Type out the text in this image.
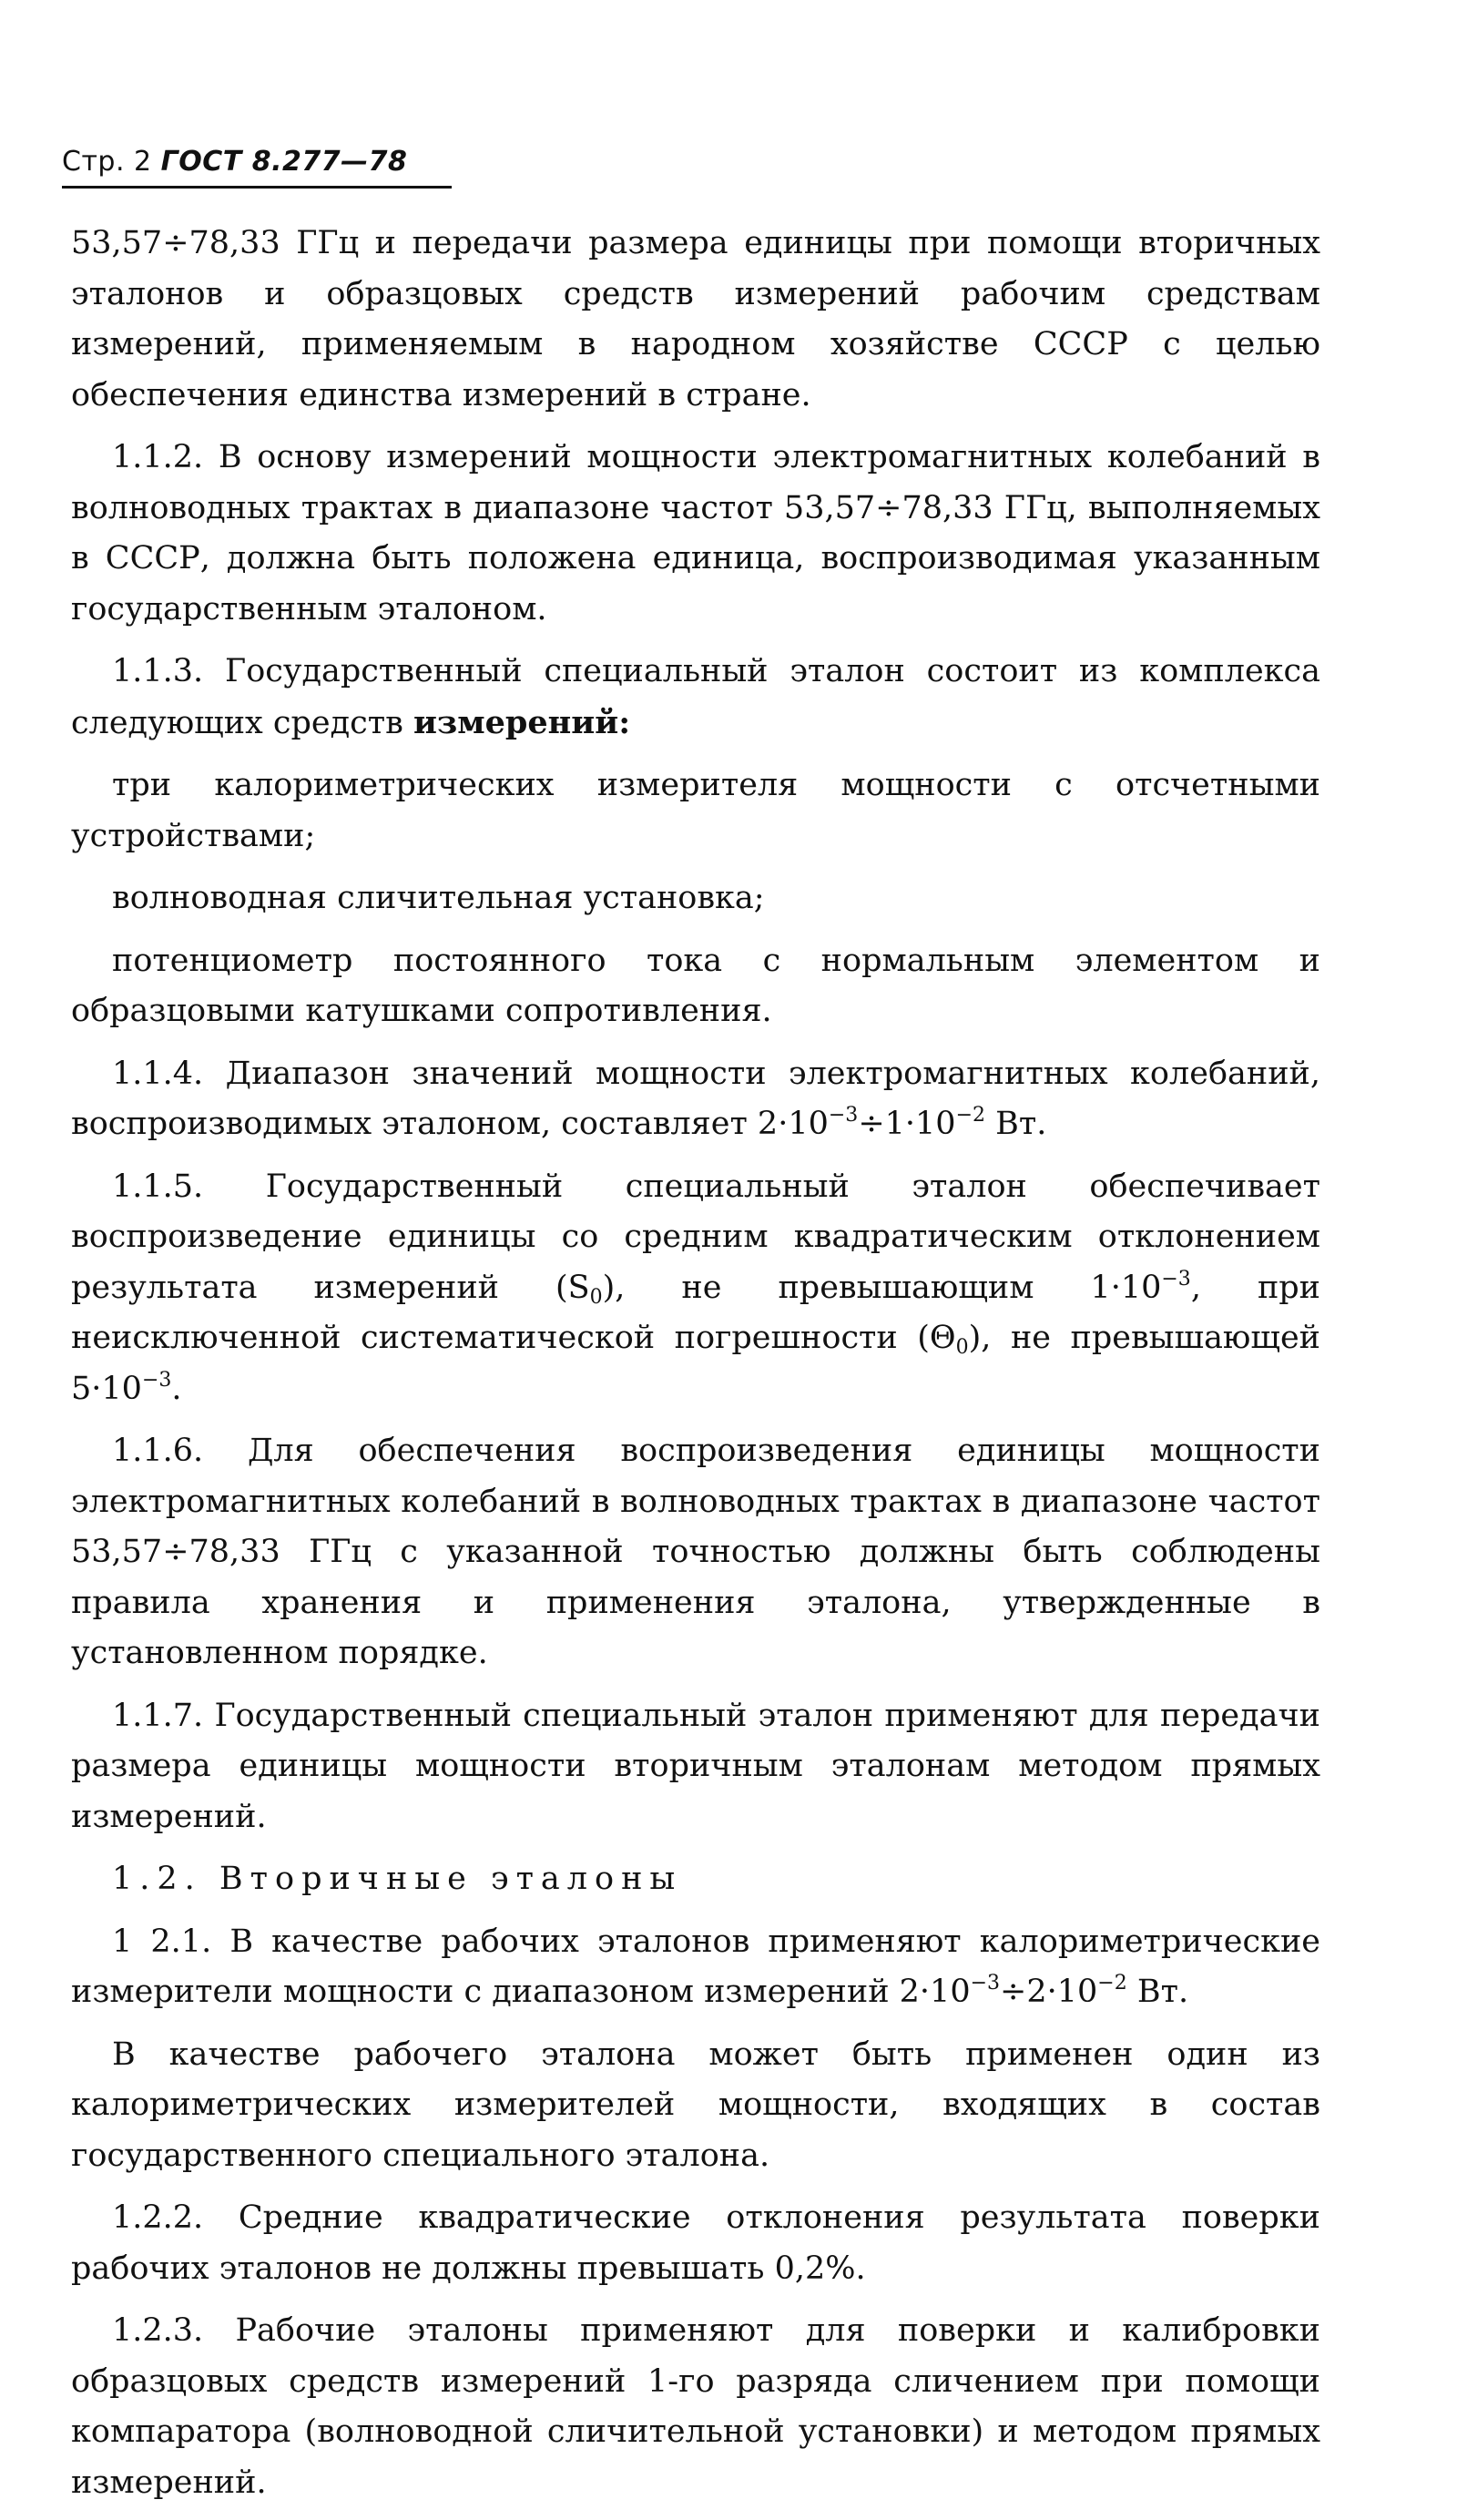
Стр. 2 ГОСТ 8.277—78

53,57÷78,33 ГГц и передачи размера единицы при помощи вторичных эталонов и образцовых средств измерений рабочим средствам измерений, применяемым в народном хозяйстве СССР с целью обеспечения единства измерений в стране.

1.1.2. В основу измерений мощности электромагнитных колебаний в волноводных трактах в диапазоне частот 53,57÷78,33 ГГц, выполняемых в СССР, должна быть положена единица, воспроизводимая указанным государственным эталоном.

1.1.3. Государственный специальный эталон состоит из комплекса следующих средств измерений:

три калориметрических измерителя мощности с отсчетными устройствами;

волноводная сличительная установка;

потенциометр постоянного тока с нормальным элементом и образцовыми катушками сопротивления.

1.1.4. Диапазон значений мощности электромагнитных колебаний, воспроизводимых эталоном, составляет $2\cdot 10^{-3}\div 1\cdot 10^{-2}$ Вт.

1.1.5. Государственный специальный эталон обеспечивает воспроизведение единицы со средним квадратическим отклонением результата измерений $(S_0)$, не превышающим $1\cdot 10^{-3}$, при неисключенной систематической погрешности $(\Theta_0)$, не превышающей $5\cdot 10^{-3}$.

1.1.6. Для обеспечения воспроизведения единицы мощности электромагнитных колебаний в волноводных трактах в диапазоне частот 53,57÷78,33 ГГц с указанной точностью должны быть соблюдены правила хранения и применения эталона, утвержденные в установленном порядке.

1.1.7. Государственный специальный эталон применяют для передачи размера единицы мощности вторичным эталонам методом прямых измерений.

1.2. Вторичные эталоны

1 2.1. В качестве рабочих эталонов применяют калориметрические измерители мощности с диапазоном измерений $2\cdot 10^{-3}\div 2\cdot 10^{-2}$ Вт.

В качестве рабочего эталона может быть применен один из калориметрических измерителей мощности, входящих в состав государственного специального эталона.

1.2.2. Средние квадратические отклонения результата поверки рабочих эталонов не должны превышать 0,2%.

1.2.3. Рабочие эталоны применяют для поверки и калибровки образцовых средств измерений 1-го разряда сличением при помощи компаратора (волноводной сличительной установки) и методом прямых измерений.
